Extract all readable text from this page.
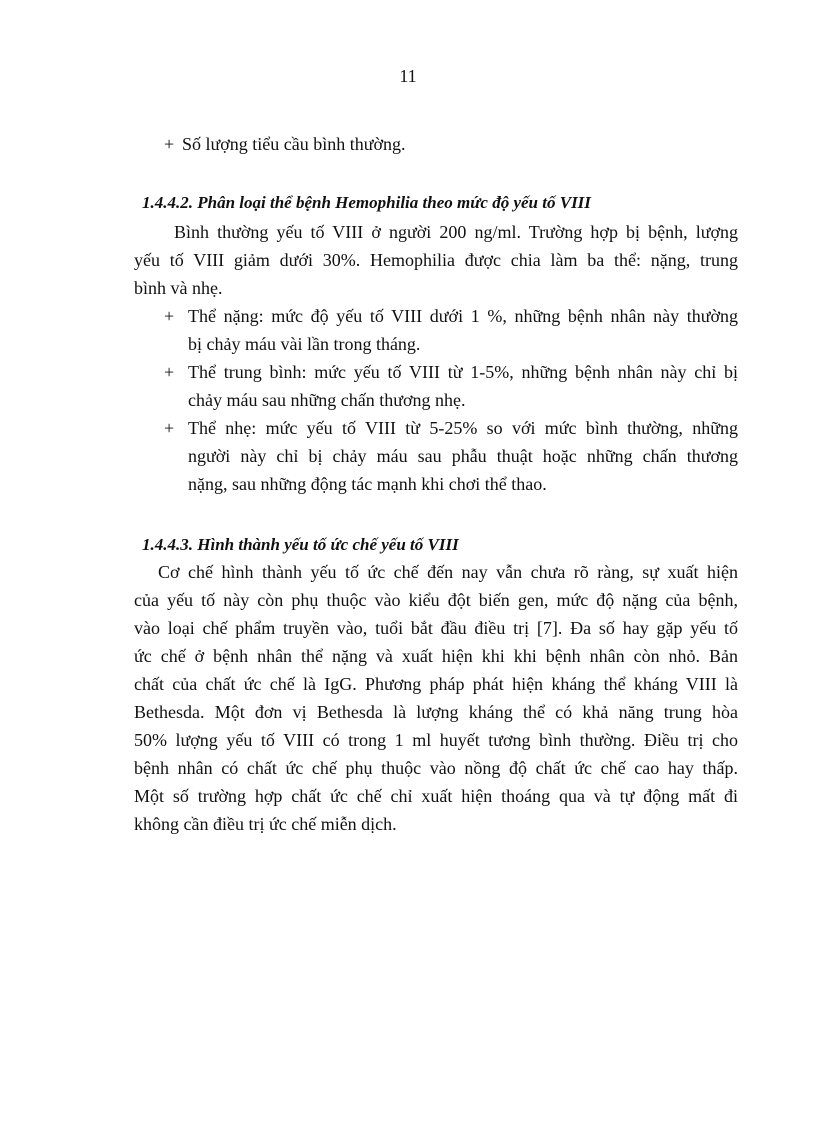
11
+ Số lượng tiểu cầu bình thường.
1.4.4.2. Phân loại thể bệnh Hemophilia theo mức độ yếu tố VIII
Bình thường yếu tố VIII ở người 200 ng/ml. Trường hợp bị bệnh, lượng
yếu tố VIII giảm dưới 30%. Hemophilia được chia làm ba thể: nặng, trung
bình và nhẹ.
+ Thể nặng: mức độ yếu tố VIII dưới 1 %, những bệnh nhân này thường
bị chảy máu vài lần trong tháng.
+ Thể trung bình: mức yếu tố VIII từ 1-5%, những bệnh nhân này chỉ bị
chảy máu sau những chấn thương nhẹ.
+ Thể nhẹ: mức yếu tố VIII từ 5-25% so với mức bình thường, những
người này chỉ bị chảy máu sau phẫu thuật hoặc những chấn thương
nặng, sau những động tác mạnh khi chơi thể thao.
1.4.4.3. Hình thành yếu tố ức chế yếu tố VIII
Cơ chế hình thành yếu tố ức chế đến nay vẫn chưa rõ ràng, sự xuất hiện
của yếu tố này còn phụ thuộc vào kiểu đột biến gen, mức độ nặng của bệnh,
vào loại chế phẩm truyền vào, tuổi bắt đầu điều trị [7]. Đa số hay gặp yếu tố
ức chế ở bệnh nhân thể nặng và xuất hiện khi khi bệnh nhân còn nhỏ. Bản
chất của chất ức chế là IgG. Phương pháp phát hiện kháng thể kháng VIII là
Bethesda. Một đơn vị Bethesda là lượng kháng thể có khả năng trung hòa
50% lượng yếu tố VIII có trong 1 ml huyết tương bình thường. Điều trị cho
bệnh nhân có chất ức chế phụ thuộc vào nồng độ chất ức chế cao hay thấp.
Một số trường hợp chất ức chế chỉ xuất hiện thoáng qua và tự động mất đi
không cần điều trị ức chế miễn dịch.
